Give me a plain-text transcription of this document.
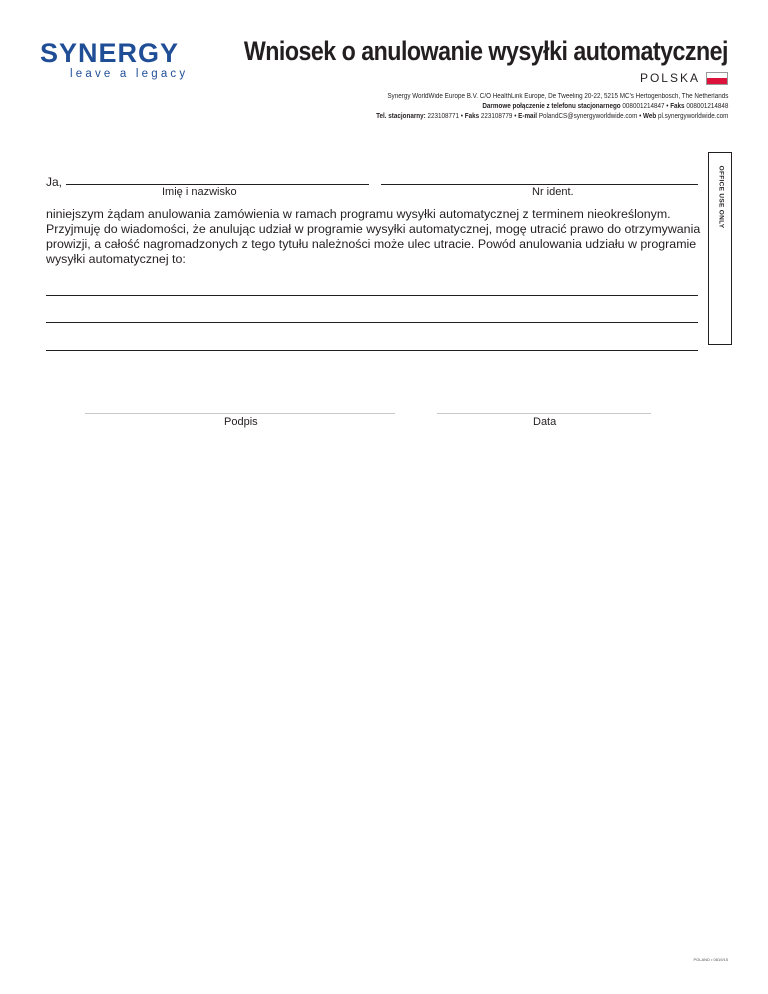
SYNERGY
leave a legacy
Wniosek o anulowanie wysyłki automatycznej
POLSKA
Synergy WorldWide Europe B.V. C/O HealthLink Europe, De Tweeling 20-22, 5215 MC's Hertogenbosch, The Netherlands
Darmowe połączenie z telefonu stacjonarnego 008001214847 • Faks 008001214848
Tel. stacjonarny: 223108771 • Faks 223108779 • E-mail PolandCS@synergyworldwide.com • Web pl.synergyworldwide.com
OFFICE USE ONLY
Ja,
Imię i nazwisko	Nr ident.
niniejszym żądam anulowania zamówienia w ramach programu wysyłki automatycznej z terminem nieokreślonym. Przyjmuję do wiadomości, że anulując udział w programie wysyłki automatycznej, mogę utracić prawo do otrzymywania prowizji, a całość nagromadzonych z tego tytułu należności może ulec utracie. Powód anulowania udziału w programie wysyłki automatycznej to:
Podpis	Data
POLAND • 0819/15
